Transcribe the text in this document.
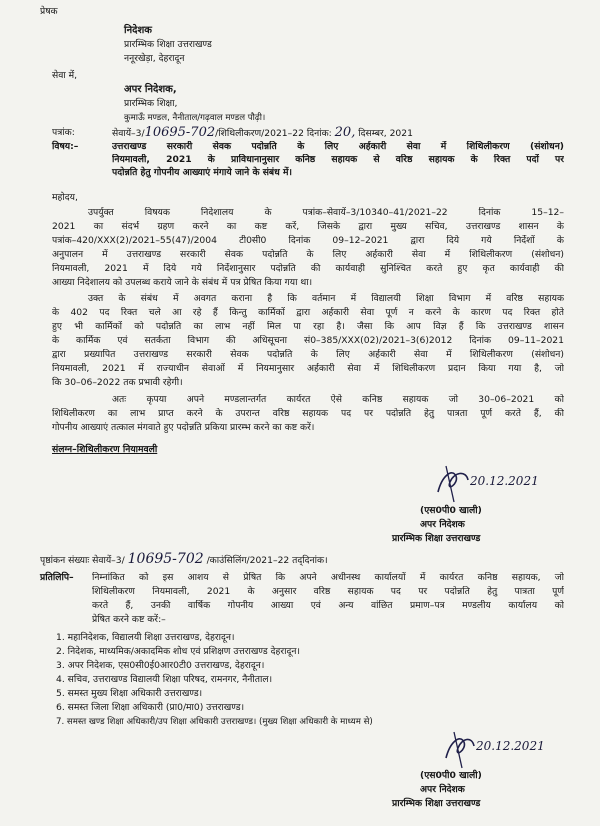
प्रेषक
निदेशक
प्रारम्भिक शिक्षा उत्तराखण्ड
ननूरखेड़ा, देहरादून
सेवा में,
अपर निदेशक,
प्रारम्भिक शिक्षा,
कुमाऊँ मण्डल, नैनीताल/गढ़वाल मण्डल पौढ़ी।
पत्रांक:	सेवायें–3/10695-702/शिथिलीकरण/2021–22 दिनांक: 20, दिसम्बर, 2021
विषय:–	उत्तराखण्ड सरकारी सेवक पदोन्नति के लिए अर्हकारी सेवा में शिथिलीकरण (संशोधन)
नियमावली, 2021 के प्राविधानानुसार कनिष्ठ सहायक से वरिष्ठ सहायक के रिक्त पदों पर
पदोन्नति हेतु गोपनीय आख्याएं मंगाये जाने के संबंध में।
महोदय,
उपर्युक्त विषयक निदेशालय के पत्रांक–सेवायें–3/10340–41/2021–22 दिनांक 15–12–
2021 का संदर्भ ग्रहण करने का कष्ट करें, जिसके द्वारा मुख्य सचिव, उत्तराखण्ड शासन के
पत्रांक–420/XXX(2)/2021–55(47)/2004 टी0सी0 दिनांक 09–12–2021 द्वारा दिये गये निर्देशों के
अनुपालन में उत्तराखण्ड सरकारी सेवक पदोन्नति के लिए अर्हकारी सेवा में शिथिलीकरण (संशोधन)
नियमावली, 2021 में दिये गये निर्देशानुसार पदोन्नति की कार्यवाही सुनिश्चित करते हुए कृत कार्यवाही की
आख्या निदेशालय को उपलब्ध कराये जाने के संबंध में पत्र प्रेषित किया गया था।
उक्त के संबंध में अवगत कराना है कि वर्तमान में विद्यालयी शिक्षा विभाग में वरिष्ठ सहायक
के 402 पद रिक्त चले आ रहे हैं किन्तु कार्मिकों द्वारा अर्हकारी सेवा पूर्ण न करने के कारण पद रिक्त होते
हुए भी कार्मिकों को पदोन्नति का लाभ नहीं मिल पा रहा है। जैसा कि आप विज्ञ हैं कि उत्तराखण्ड शासन
के कार्मिक एवं सतर्कता विभाग की अधिसूचना सं0–385/XXX(02)/2021–3(6)2012 दिनांक 09–11–2021
द्वारा प्रख्यापित उत्तराखण्ड सरकारी सेवक पदोन्नति के लिए अर्हकारी सेवा में शिथिलीकरण (संशोधन)
नियमावली, 2021 में राज्याधीन सेवाओं में नियमानुसार अर्हकारी सेवा में शिथिलीकरण प्रदान किया गया है, जो
कि 30–06–2022 तक प्रभावी रहेगी।
अतः कृपया अपने मण्डलान्तर्गत कार्यरत ऐसे कनिष्ठ सहायक जो 30–06–2021 को
शिथिलीकरण का लाभ प्राप्त करने के उपरान्त वरिष्ठ सहायक पद पर पदोन्नति हेतु पात्रता पूर्ण करते हैं, की
गोपनीय आख्याएं तत्काल मंगवाते हुए पदोन्नति प्रकिया प्रारम्भ करने का कष्ट करें।
संलग्न–शिथिलीकरण नियामवली
20.12.2021
(एस0पी0 खाली)
अपर निदेशक
प्रारम्भिक शिक्षा उत्तराखण्ड
पृष्ठांकन संख्याः सेवायें–3/ 10695-702 /काउंसिलिंग/2021–22 तद्‌दिनांक।
प्रतिलिपि– निम्नांकित को इस आशय से प्रेषित कि अपने अधीनस्थ कार्यालयों में कार्यरत कनिष्ठ सहायक, जो
शिथिलीकरण नियमावली, 2021 के अनुसार वरिष्ठ सहायक पद पर पदोन्नति हेतु पात्रता पूर्ण
करते हैं, उनकी वार्षिक गोपनीय आख्या एवं अन्य वांछित प्रमाण–पत्र मण्डलीय कार्यालय को
प्रेषित करने कष्ट करें:–
1. महानिदेशक, विद्यालयी शिक्षा उत्तराखण्ड, देहरादून।
2. निदेशक, माध्यमिक/अकादमिक शोध एवं प्रशिक्षण उत्तराखण्ड देहरादून।
3. अपर निदेशक, एस0सी0ई0आर0टी0 उत्तराखण्ड, देहरादून।
4. सचिव, उत्तराखण्ड विद्यालयी शिक्षा परिषद, रामनगर, नैनीताल।
5. समस्त मुख्य शिक्षा अधिकारी उत्तराखण्ड।
6. समस्त जिला शिक्षा अधिकारी (प्रा0/मा0) उत्तराखण्ड।
7. समस्त खण्ड शिक्षा अधिकारी/उप शिक्षा अधिकारी उत्तराखण्ड। (मुख्य शिक्षा अधिकारी के माध्यम से)
20.12.2021
(एस0पी0 खाली)
अपर निदेशक
प्रारम्भिक शिक्षा उत्तराखण्ड
